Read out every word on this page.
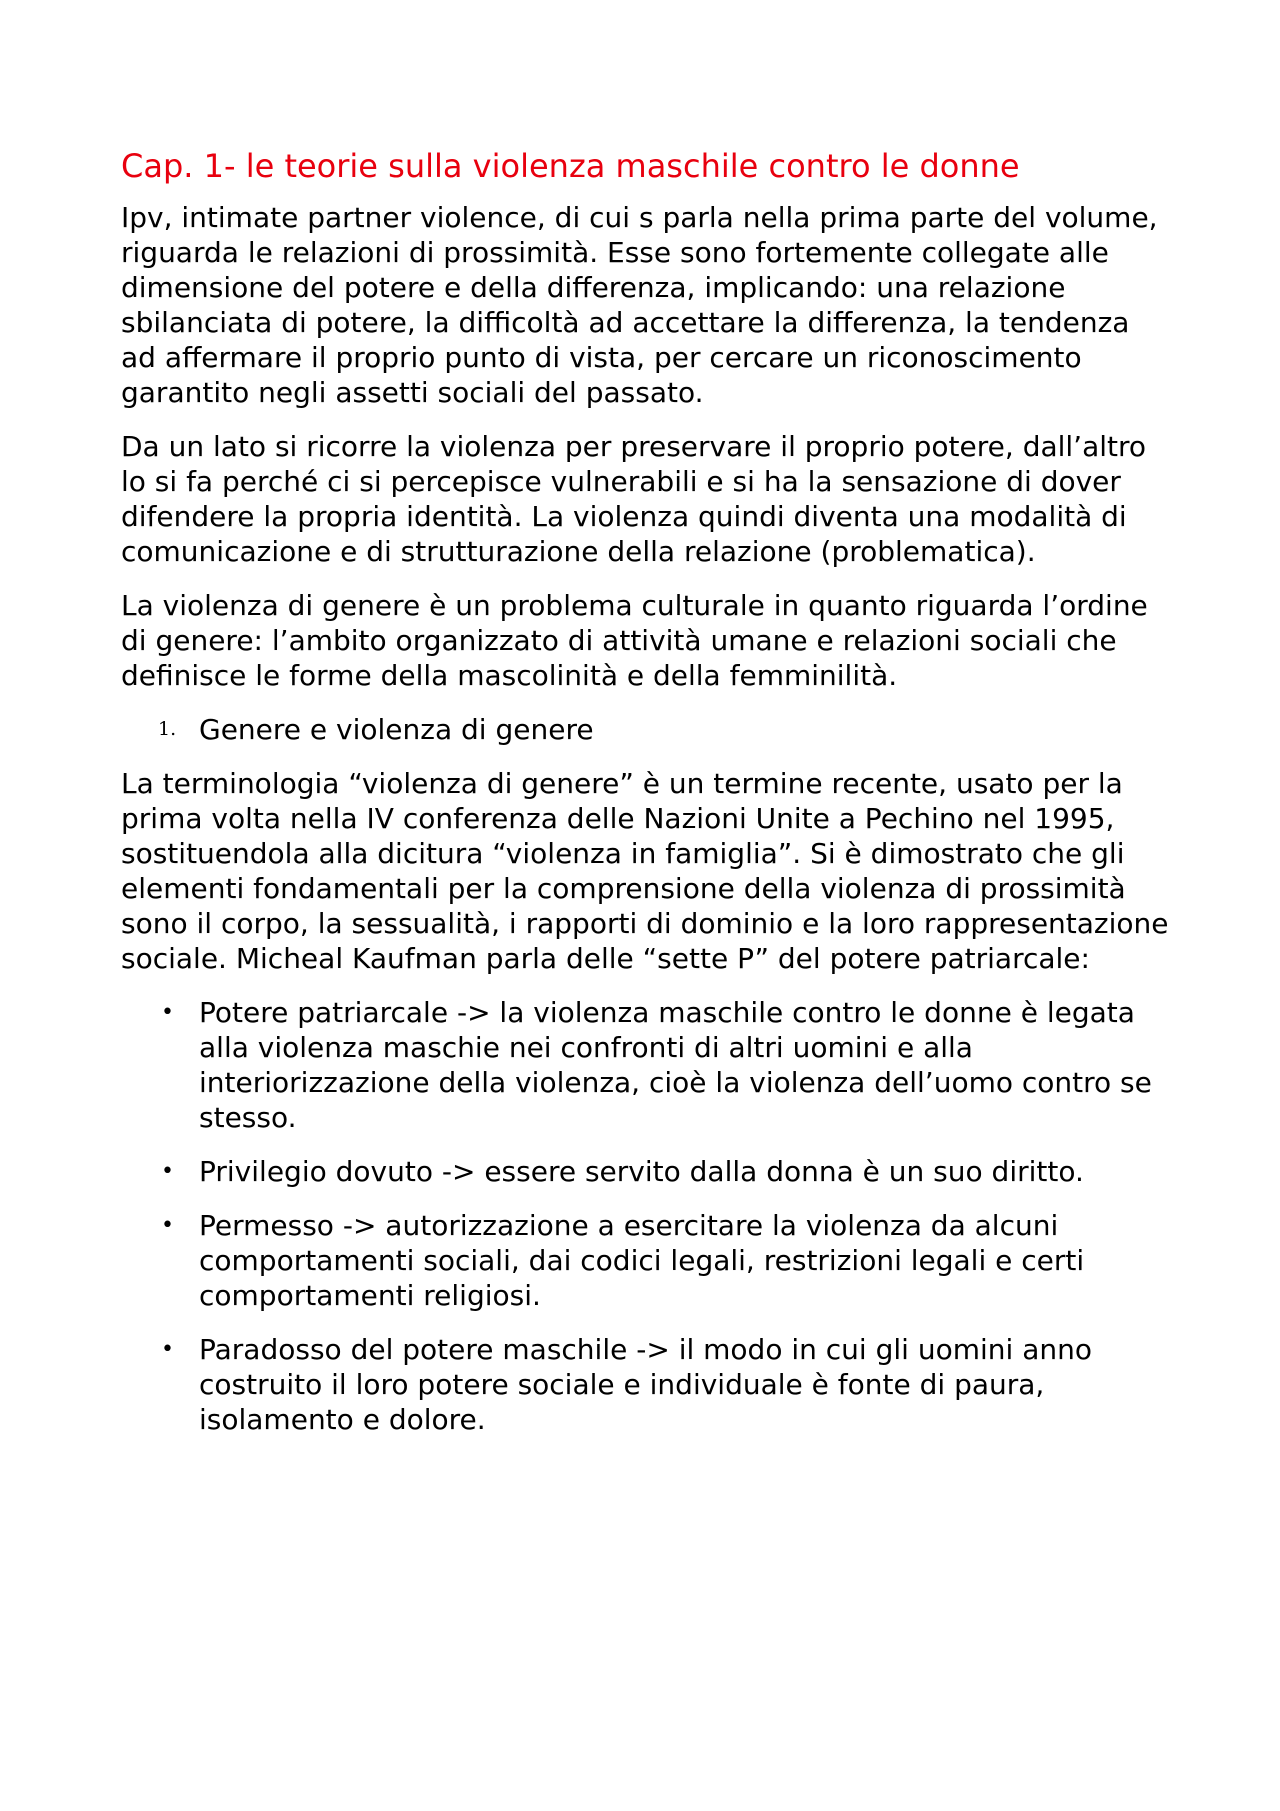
Cap. 1- le teorie sulla violenza maschile contro le donne

Ipv, intimate partner violence, di cui s parla nella prima parte del volume, riguarda le relazioni di prossimità. Esse sono fortemente collegate alle dimensione del potere e della differenza, implicando: una relazione sbilanciata di potere, la difficoltà ad accettare la differenza, la tendenza ad affermare il proprio punto di vista, per cercare un riconoscimento garantito negli assetti sociali del passato.

Da un lato si ricorre la violenza per preservare il proprio potere, dall’altro lo si fa perché ci si percepisce vulnerabili e si ha la sensazione di dover difendere la propria identità. La violenza quindi diventa una modalità di comunicazione e di strutturazione della relazione (problematica).

La violenza di genere è un problema culturale in quanto riguarda l’ordine di genere: l’ambito organizzato di attività umane e relazioni sociali che definisce le forme della mascolinità e della femminilità.

1. Genere e violenza di genere

La terminologia “violenza di genere” è un termine recente, usato per la prima volta nella IV conferenza delle Nazioni Unite a Pechino nel 1995, sostituendola alla dicitura “violenza in famiglia”. Si è dimostrato che gli elementi fondamentali per la comprensione della violenza di prossimità sono il corpo, la sessualità, i rapporti di dominio e la loro rappresentazione sociale. Micheal Kaufman parla delle “sette P” del potere patriarcale:

• Potere patriarcale -> la violenza maschile contro le donne è legata alla violenza maschie nei confronti di altri uomini e alla interiorizzazione della violenza, cioè la violenza dell’uomo contro se stesso.
• Privilegio dovuto -> essere servito dalla donna è un suo diritto.
• Permesso -> autorizzazione a esercitare la violenza da alcuni comportamenti sociali, dai codici legali, restrizioni legali e certi comportamenti religiosi.
• Paradosso del potere maschile -> il modo in cui gli uomini anno costruito il loro potere sociale e individuale è fonte di paura, isolamento e dolore.
